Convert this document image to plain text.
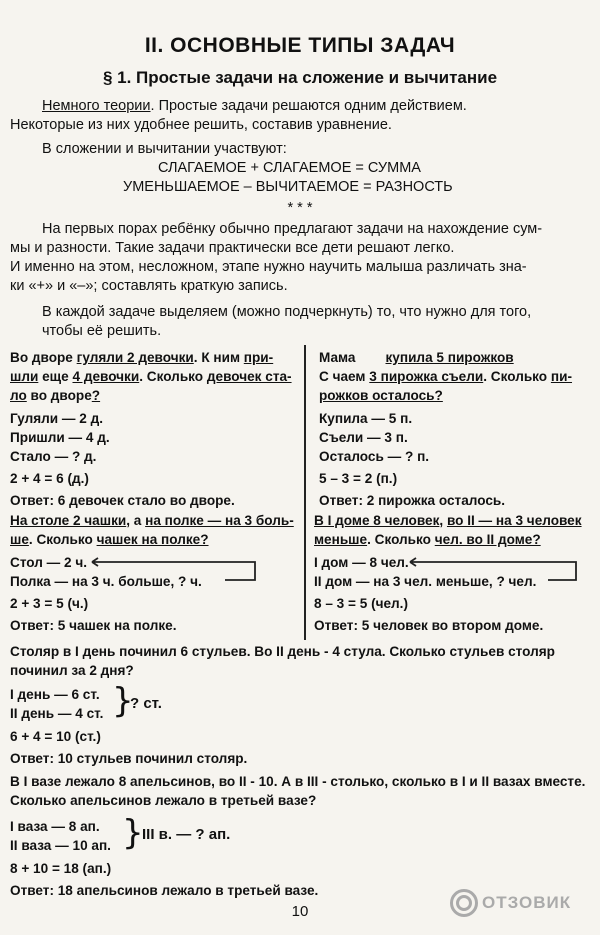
II. ОСНОВНЫЕ ТИПЫ ЗАДАЧ
§ 1. Простые задачи на сложение и вычитание
Немного теории. Простые задачи решаются одним действием.
Некоторые из них удобнее решить, составив уравнение.
В сложении и вычитании участвуют:
СЛАГАЕМОЕ + СЛАГАЕМОЕ = СУММА
УМЕНЬШАЕМОЕ – ВЫЧИТАЕМОЕ = РАЗНОСТЬ
* * *
На первых порах ребёнку обычно предлагают задачи на нахождение сум-
мы и разности. Такие задачи практически все дети решают легко.
И именно на этом, несложном, этапе нужно научить малыша различать зна-
ки «+» и «–»; составлять краткую запись.
В каждой задаче выделяем (можно подчеркнуть) то, что нужно для того,
чтобы её решить.
Во дворе гуляли 2 девочки. К ним при-
шли еще 4 девочки. Сколько девочек ста-
ло во дворе?
Гуляли — 2 д.
Пришли — 4 д.
Стало — ? д.
2 + 4 = 6 (д.)
Ответ: 6 девочек стало во дворе.
Мама купила 5 пирожков
С чаем 3 пирожка съели. Сколько пи-
рожков осталось?
Купила — 5 п.
Съели — 3 п.
Осталось — ? п.
5 – 3 = 2 (п.)
Ответ: 2 пирожка осталось.
На столе 2 чашки, а на полке — на 3 боль-
ше. Сколько чашек на полке?
Стол — 2 ч.
Полка — на 3 ч. больше, ? ч.
2 + 3 = 5 (ч.)
Ответ: 5 чашек на полке.
В I доме 8 человек, во II — на 3 человек
меньше. Сколько чел. во II доме?
I дом — 8 чел.
II дом — на 3 чел. меньше, ? чел.
8 – 3 = 5 (чел.)
Ответ: 5 человек во втором доме.
Столяр в I день починил 6 стульев. Во II день - 4 стула. Сколько стульев столяр
починил за 2 дня?
I день — 6 ст.
II день — 4 ст. }
? ст.
6 + 4 = 10 (ст.)
Ответ: 10 стульев починил столяр.
В I вазе лежало 8 апельсинов, во II - 10. А в III - столько, сколько в I и II вазах вместе.
Сколько апельсинов лежало в третьей вазе?
I ваза — 8 ап.
II ваза — 10 ап. }
III в. — ? ап.
8 + 10 = 18 (ап.)
Ответ: 18 апельсинов лежало в третьей вазе.
10	ОТЗОВИК
